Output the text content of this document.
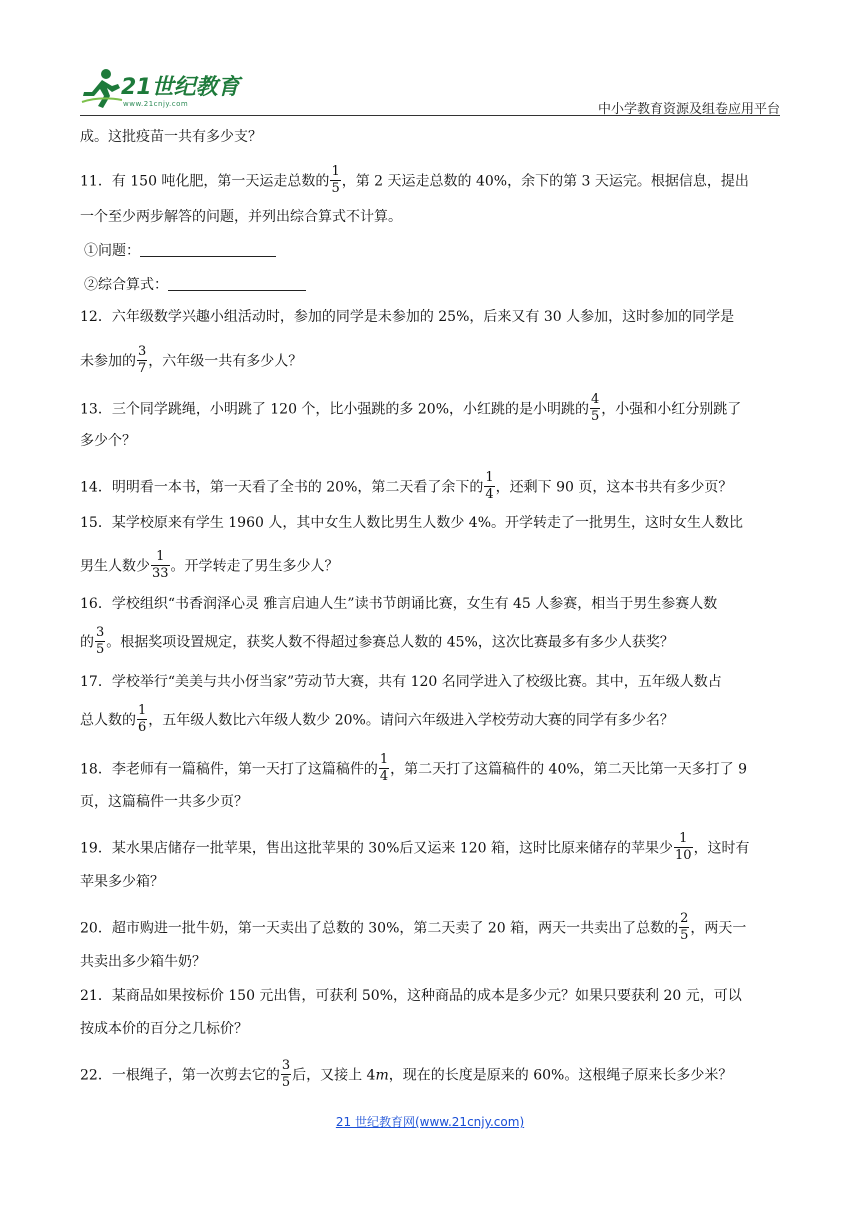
21世纪教育
www.21cnjy.com	中小学教育资源及组卷应用平台
成。这批疫苗一共有多少支？
11．有 150 吨化肥，第一天运走总数的 $\frac{1}{5}$ ，第 2 天运走总数的 40%，余下的第 3 天运完。根据信息，提出
一个至少两步解答的问题，并列出综合算式不计算。
①问题：
②综合算式：
12．六年级数学兴趣小组活动时，参加的同学是未参加的 25%，后来又有 30 人参加，这时参加的同学是
未参加的 $\frac{3}{7}$ ，六年级一共有多少人？
13．三个同学跳绳，小明跳了 120 个，比小强跳的多 20%，小红跳的是小明跳的 $\frac{4}{5}$ ，小强和小红分别跳了
多少个？
14．明明看一本书，第一天看了全书的 20%，第二天看了余下的 $\frac{1}{4}$ ，还剩下 90 页，这本书共有多少页？
15．某学校原来有学生 1960 人，其中女生人数比男生人数少 4%。开学转走了一批男生，这时女生人数比
男生人数少 $\frac{1}{33}$ 。开学转走了男生多少人？
16．学校组织“书香润泽心灵 雅言启迪人生”读书节朗诵比赛，女生有 45 人参赛，相当于男生参赛人数
的 $\frac{3}{5}$ 。根据奖项设置规定，获奖人数不得超过参赛总人数的 45%，这次比赛最多有多少人获奖？
17．学校举行“美美与共小伢当家”劳动节大赛，共有 120 名同学进入了校级比赛。其中，五年级人数占
总人数的 $\frac{1}{6}$ ，五年级人数比六年级人数少 20%。请问六年级进入学校劳动大赛的同学有多少名？
18．李老师有一篇稿件，第一天打了这篇稿件的 $\frac{1}{4}$ ，第二天打了这篇稿件的 40%，第二天比第一天多打了 9
页，这篇稿件一共多少页？
19．某水果店储存一批苹果，售出这批苹果的 30%后又运来 120 箱，这时比原来储存的苹果少 $\frac{1}{10}$ ，这时有
苹果多少箱？
20．超市购进一批牛奶，第一天卖出了总数的 30%，第二天卖了 20 箱，两天一共卖出了总数的 $\frac{2}{5}$ ，两天一
共卖出多少箱牛奶？
21．某商品如果按标价 150 元出售，可获利 50%，这种商品的成本是多少元？如果只要获利 20 元，可以
按成本价的百分之几标价？
22．一根绳子，第一次剪去它的 $\frac{3}{5}$ 后，又接上 4m，现在的长度是原来的 60%。这根绳子原来长多少米？
21 世纪教育网(www.21cnjy.com)
